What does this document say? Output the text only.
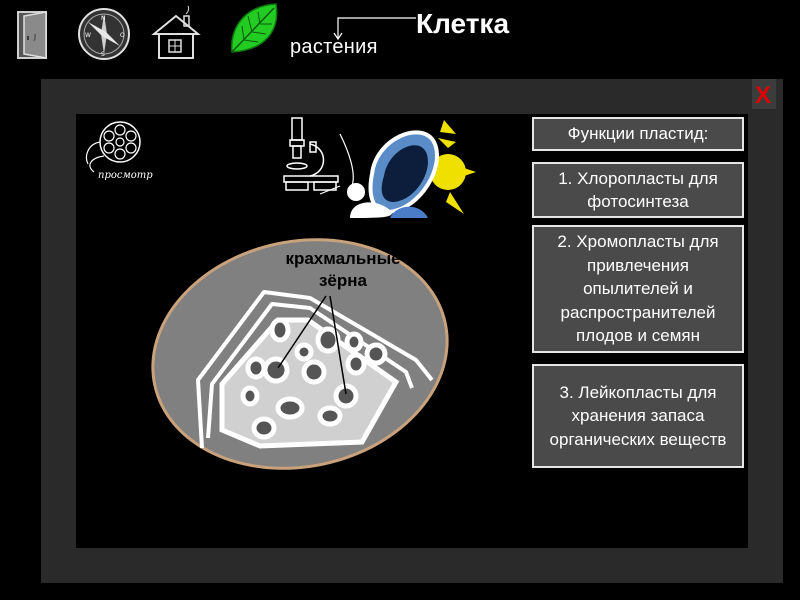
J
N
S
W	O
растения
Клетка
X
просмотр
крахмальные зёрна
Функции пластид:
1. Хлоропласты для фотосинтеза
2. Хромопласты для привлечения опылителей и распространителей плодов и семян
3. Лейкопласты для хранения запаса органических веществ
